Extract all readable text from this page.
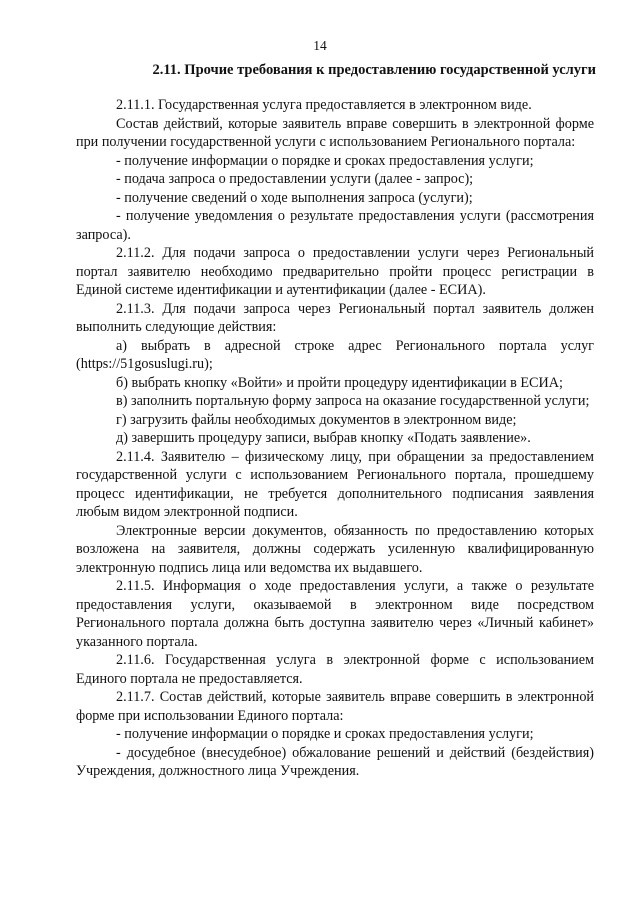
14
2.11. Прочие требования к предоставлению государственной услуги

2.11.1. Государственная услуга предоставляется в электронном виде.

Состав действий, которые заявитель вправе совершить в электронной форме при получении государственной услуги с использованием Регионального портала:

- получение информации о порядке и сроках предоставления услуги;

- подача запроса о предоставлении услуги (далее - запрос);

- получение сведений о ходе выполнения запроса (услуги);

- получение уведомления о результате предоставления услуги (рассмотрения запроса).

2.11.2. Для подачи запроса о предоставлении услуги через Региональный портал заявителю необходимо предварительно пройти процесс регистрации в Единой системе идентификации и аутентификации (далее - ЕСИА).

2.11.3. Для подачи запроса через Региональный портал заявитель должен выполнить следующие действия:

а) выбрать в адресной строке адрес Регионального портала услуг (https://51gosuslugi.ru);

б) выбрать кнопку «Войти» и пройти процедуру идентификации в ЕСИА;

в) заполнить портальную форму запроса на оказание государственной услуги;

г) загрузить файлы необходимых документов в электронном виде;

д) завершить процедуру записи, выбрав кнопку «Подать заявление».

2.11.4. Заявителю – физическому лицу, при обращении за предоставлением государственной услуги с использованием Регионального портала, прошедшему процесс идентификации, не требуется дополнительного подписания заявления любым видом электронной подписи.

Электронные версии документов, обязанность по предоставлению которых возложена на заявителя, должны содержать усиленную квалифицированную электронную подпись лица или ведомства их выдавшего.

2.11.5. Информация о ходе предоставления услуги, а также о результате предоставления услуги, оказываемой в электронном виде посредством Регионального портала должна быть доступна заявителю через «Личный кабинет» указанного портала.

2.11.6. Государственная услуга в электронной форме с использованием Единого портала не предоставляется.

2.11.7. Состав действий, которые заявитель вправе совершить в электронной форме при использовании Единого портала:

- получение информации о порядке и сроках предоставления услуги;

- досудебное (внесудебное) обжалование решений и действий (бездействия) Учреждения, должностного лица Учреждения.
